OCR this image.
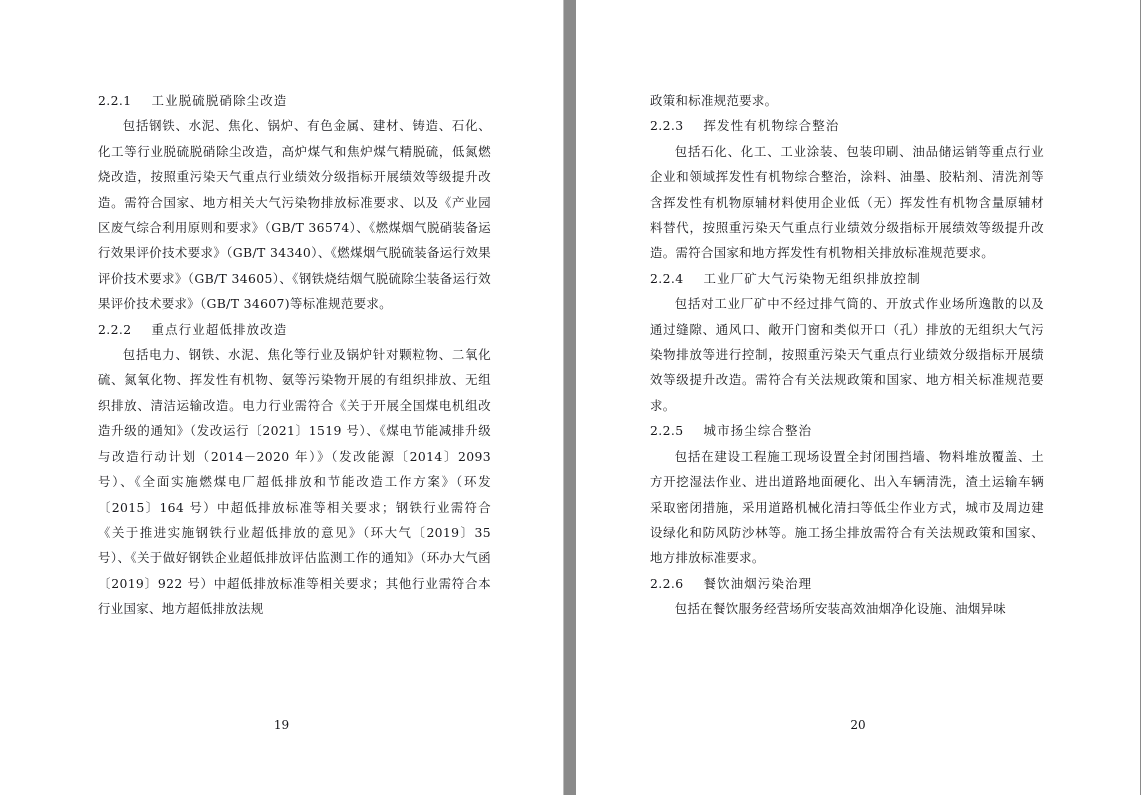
2.2.1 工业脱硫脱硝除尘改造

包括钢铁、水泥、焦化、锅炉、有色金属、建材、铸造、石化、化工等行业脱硫脱硝除尘改造，高炉煤气和焦炉煤气精脱硫，低氮燃烧改造，按照重污染天气重点行业绩效分级指标开展绩效等级提升改造。需符合国家、地方相关大气污染物排放标准要求、以及《产业园区废气综合利用原则和要求》（GB/T 36574）、《燃煤烟气脱硝装备运行效果评价技术要求》（GB/T 34340）、《燃煤烟气脱硫装备运行效果评价技术要求》（GB/T 34605）、《钢铁烧结烟气脱硫除尘装备运行效果评价技术要求》（GB/T 34607)等标准规范要求。

2.2.2 重点行业超低排放改造

包括电力、钢铁、水泥、焦化等行业及锅炉针对颗粒物、二氧化硫、氮氧化物、挥发性有机物、氨等污染物开展的有组织排放、无组织排放、清洁运输改造。电力行业需符合《关于开展全国煤电机组改造升级的通知》（发改运行〔2021〕1519 号）、《煤电节能减排升级与改造行动计划（2014－2020 年）》（发改能源〔2014〕2093 号）、《全面实施燃煤电厂超低排放和节能改造工作方案》（环发〔2015〕164 号）中超低排放标准等相关要求；钢铁行业需符合《关于推进实施钢铁行业超低排放的意见》（环大气〔2019〕35 号）、《关于做好钢铁企业超低排放评估监测工作的通知》（环办大气函〔2019〕922 号）中超低排放标准等相关要求；其他行业需符合本行业国家、地方超低排放法规

19

政策和标准规范要求。

2.2.3 挥发性有机物综合整治

包括石化、化工、工业涂装、包装印刷、油品储运销等重点行业企业和领域挥发性有机物综合整治，涂料、油墨、胶粘剂、清洗剂等含挥发性有机物原辅材料使用企业低（无）挥发性有机物含量原辅材料替代，按照重污染天气重点行业绩效分级指标开展绩效等级提升改造。需符合国家和地方挥发性有机物相关排放标准规范要求。

2.2.4 工业厂矿大气污染物无组织排放控制

包括对工业厂矿中不经过排气筒的、开放式作业场所逸散的以及通过缝隙、通风口、敞开门窗和类似开口（孔）排放的无组织大气污染物排放等进行控制，按照重污染天气重点行业绩效分级指标开展绩效等级提升改造。需符合有关法规政策和国家、地方相关标准规范要求。

2.2.5 城市扬尘综合整治

包括在建设工程施工现场设置全封闭围挡墙、物料堆放覆盖、土方开挖湿法作业、进出道路地面硬化、出入车辆清洗，渣土运输车辆采取密闭措施，采用道路机械化清扫等低尘作业方式，城市及周边建设绿化和防风防沙林等。施工扬尘排放需符合有关法规政策和国家、地方排放标准要求。

2.2.6 餐饮油烟污染治理

包括在餐饮服务经营场所安装高效油烟净化设施、油烟异味

20
